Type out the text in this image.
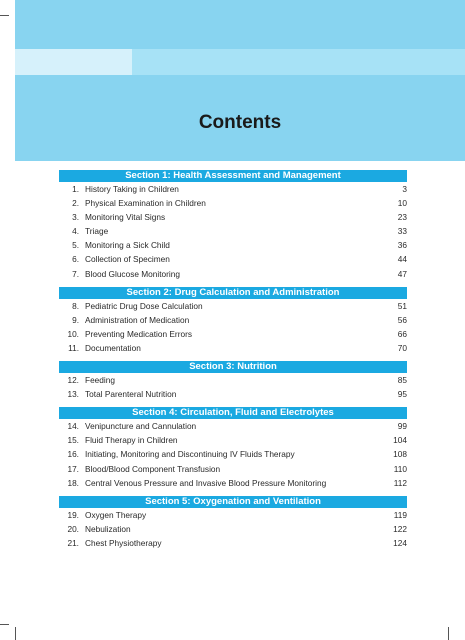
Contents
Section 1: Health Assessment and Management
1. History Taking in Children	3
2. Physical Examination in Children	10
3. Monitoring Vital Signs	23
4. Triage	33
5. Monitoring a Sick Child	36
6. Collection of Specimen	44
7. Blood Glucose Monitoring	47
Section 2: Drug Calculation and Administration
8. Pediatric Drug Dose Calculation	51
9. Administration of Medication	56
10. Preventing Medication Errors	66
11. Documentation	70
Section 3: Nutrition
12. Feeding	85
13. Total Parenteral Nutrition	95
Section 4: Circulation, Fluid and Electrolytes
14. Venipuncture and Cannulation	99
15. Fluid Therapy in Children	104
16. Initiating, Monitoring and Discontinuing IV Fluids Therapy	108
17. Blood/Blood Component Transfusion	110
18. Central Venous Pressure and Invasive Blood Pressure Monitoring	112
Section 5: Oxygenation and Ventilation
19. Oxygen Therapy	119
20. Nebulization	122
21. Chest Physiotherapy	124
